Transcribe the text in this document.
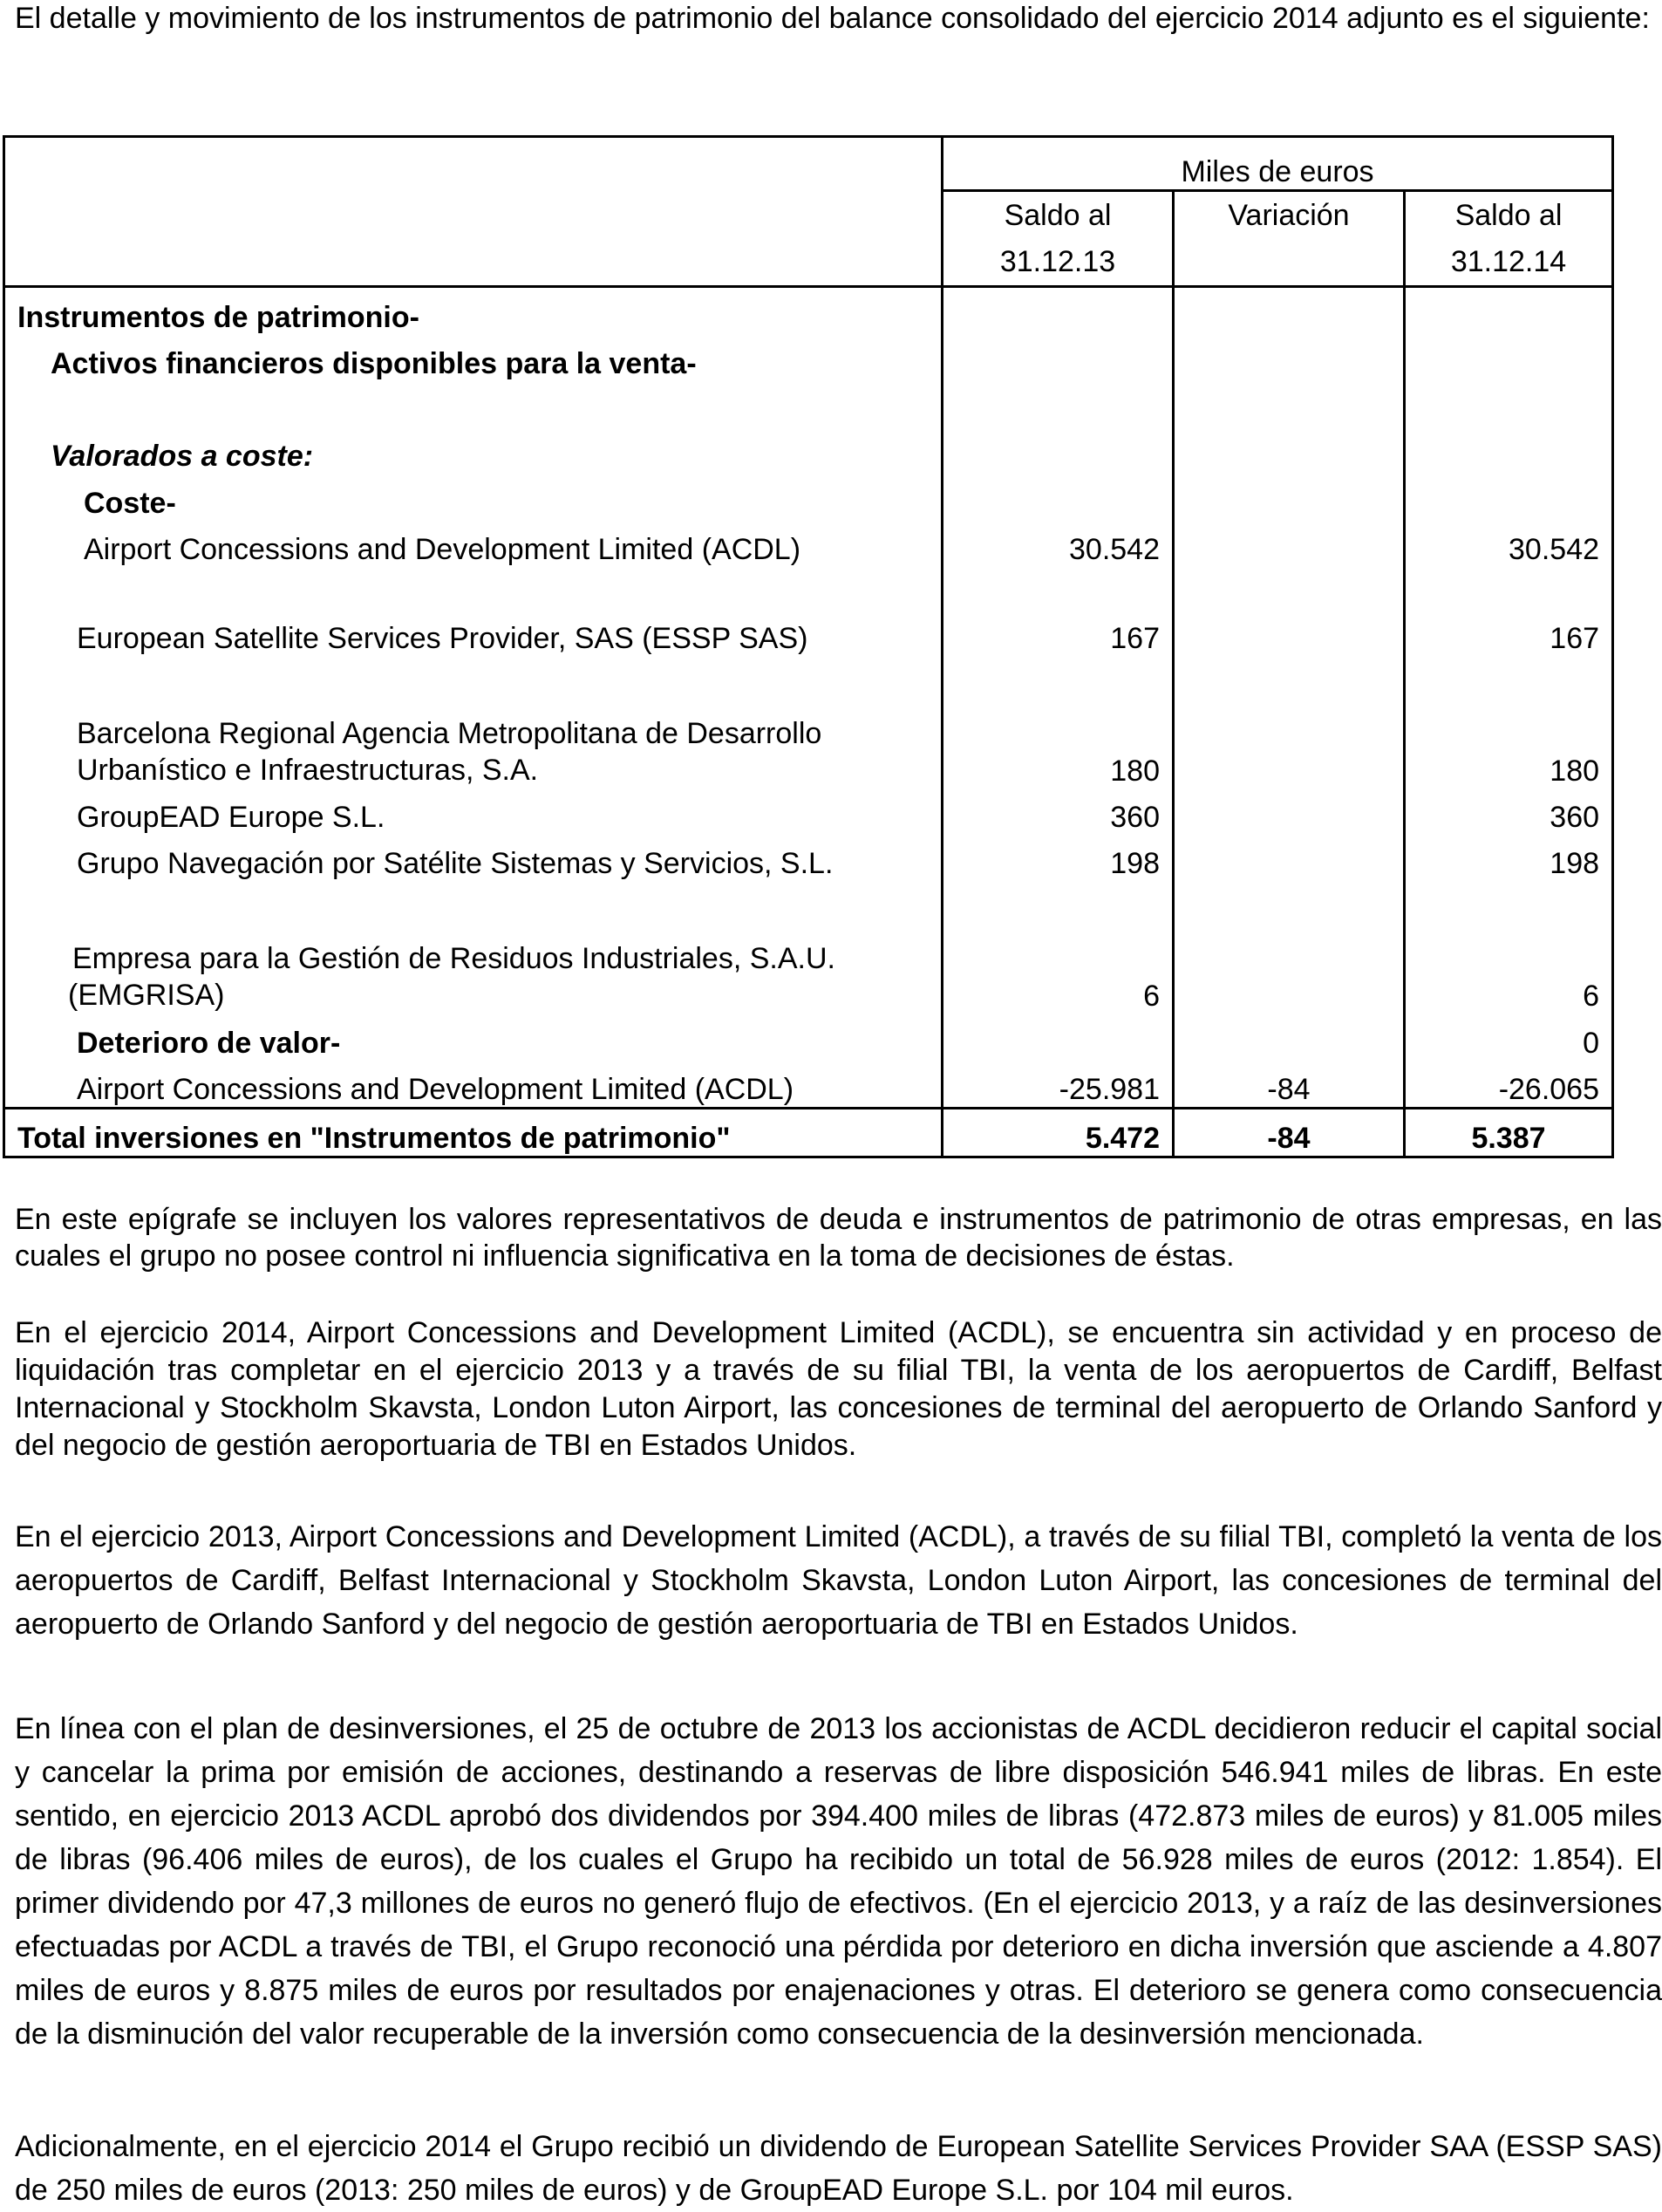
El detalle y movimiento de los instrumentos de patrimonio del balance consolidado del ejercicio 2014 adjunto es el siguiente:

	Miles de euros		
	Saldo al	Variación	Saldo al
	31.12.13		31.12.14
Instrumentos de patrimonio-			
Activos financieros disponibles para la venta-			
Valorados a coste:			
Coste-			
Airport Concessions and Development Limited (ACDL)	30.542		30.542
European Satellite Services Provider, SAS (ESSP SAS)	167		167

Barcelona Regional Agencia Metropolitana de Desarrollo
Urbanístico e Infraestructuras, S.A.	180		180
GroupEAD Europe S.L.	360		360
Grupo Navegación por Satélite Sistemas y Servicios, S.L.	198		198

Empresa para la Gestión de Residuos Industriales, S.A.U.
(EMGRISA)	6		6
Deterioro de valor-			0
Airport Concessions and Development Limited (ACDL)	-25.981	-84	-26.065
Total inversiones en "Instrumentos de patrimonio"	5.472	-84	5.387

En este epígrafe se incluyen los valores representativos de deuda e instrumentos de patrimonio de otras empresas, en las cuales el grupo no posee control ni influencia significativa en la toma de decisiones de éstas.

En el ejercicio 2014, Airport Concessions and Development Limited (ACDL), se encuentra sin actividad y en proceso de liquidación tras completar en el ejercicio 2013 y a través de su filial TBI, la venta de los aeropuertos de Cardiff, Belfast Internacional y Stockholm Skavsta, London Luton Airport, las concesiones de terminal del aeropuerto de Orlando Sanford y del negocio de gestión aeroportuaria de TBI en Estados Unidos.

En el ejercicio 2013, Airport Concessions and Development Limited (ACDL), a través de su filial TBI, completó la venta de los aeropuertos de Cardiff, Belfast Internacional y Stockholm Skavsta, London Luton Airport, las concesiones de terminal del aeropuerto de Orlando Sanford y del negocio de gestión aeroportuaria de TBI en Estados Unidos.

En línea con el plan de desinversiones, el 25 de octubre de 2013 los accionistas de ACDL decidieron reducir el capital social y cancelar la prima por emisión de acciones, destinando a reservas de libre disposición 546.941 miles de libras. En este sentido, en ejercicio 2013 ACDL aprobó dos dividendos por 394.400 miles de libras (472.873 miles de euros) y 81.005 miles de libras (96.406 miles de euros), de los cuales el Grupo ha recibido un total de 56.928 miles de euros (2012: 1.854). El primer dividendo por 47,3 millones de euros no generó flujo de efectivos. (En el ejercicio 2013, y a raíz de las desinversiones efectuadas por ACDL a través de TBI, el Grupo reconoció una pérdida por deterioro en dicha inversión que asciende a 4.807 miles de euros y 8.875 miles de euros por resultados por enajenaciones y otras. El deterioro se genera como consecuencia de la disminución del valor recuperable de la inversión como consecuencia de la desinversión mencionada.

Adicionalmente, en el ejercicio 2014 el Grupo recibió un dividendo de European Satellite Services Provider SAA (ESSP SAS) de 250 miles de euros (2013: 250 miles de euros) y de GroupEAD Europe S.L. por 104 mil euros.
